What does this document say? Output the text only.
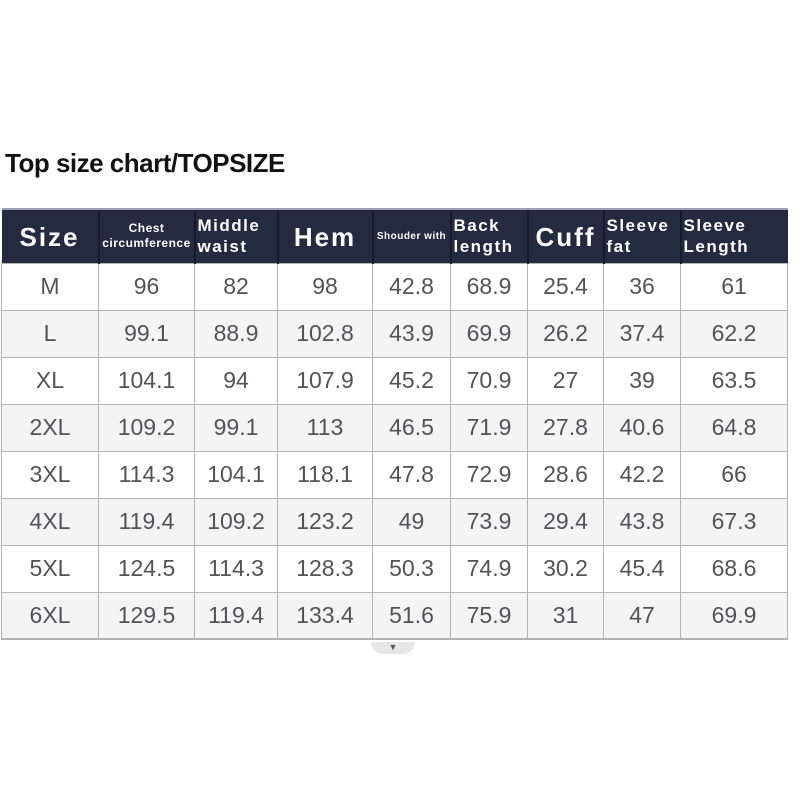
Top size chart/TOPSIZE
Size	Chest circumference	Middle waist	Hem	Shouder with	Back length	Cuff	Sleeve fat	Sleeve Length
M	96	82	98	42.8	68.9	25.4	36	61
L	99.1	88.9	102.8	43.9	69.9	26.2	37.4	62.2
XL	104.1	94	107.9	45.2	70.9	27	39	63.5
2XL	109.2	99.1	113	46.5	71.9	27.8	40.6	64.8
3XL	114.3	104.1	118.1	47.8	72.9	28.6	42.2	66
4XL	119.4	109.2	123.2	49	73.9	29.4	43.8	67.3
5XL	124.5	114.3	128.3	50.3	74.9	30.2	45.4	68.6
6XL	129.5	119.4	133.4	51.6	75.9	31	47	69.9
▼
